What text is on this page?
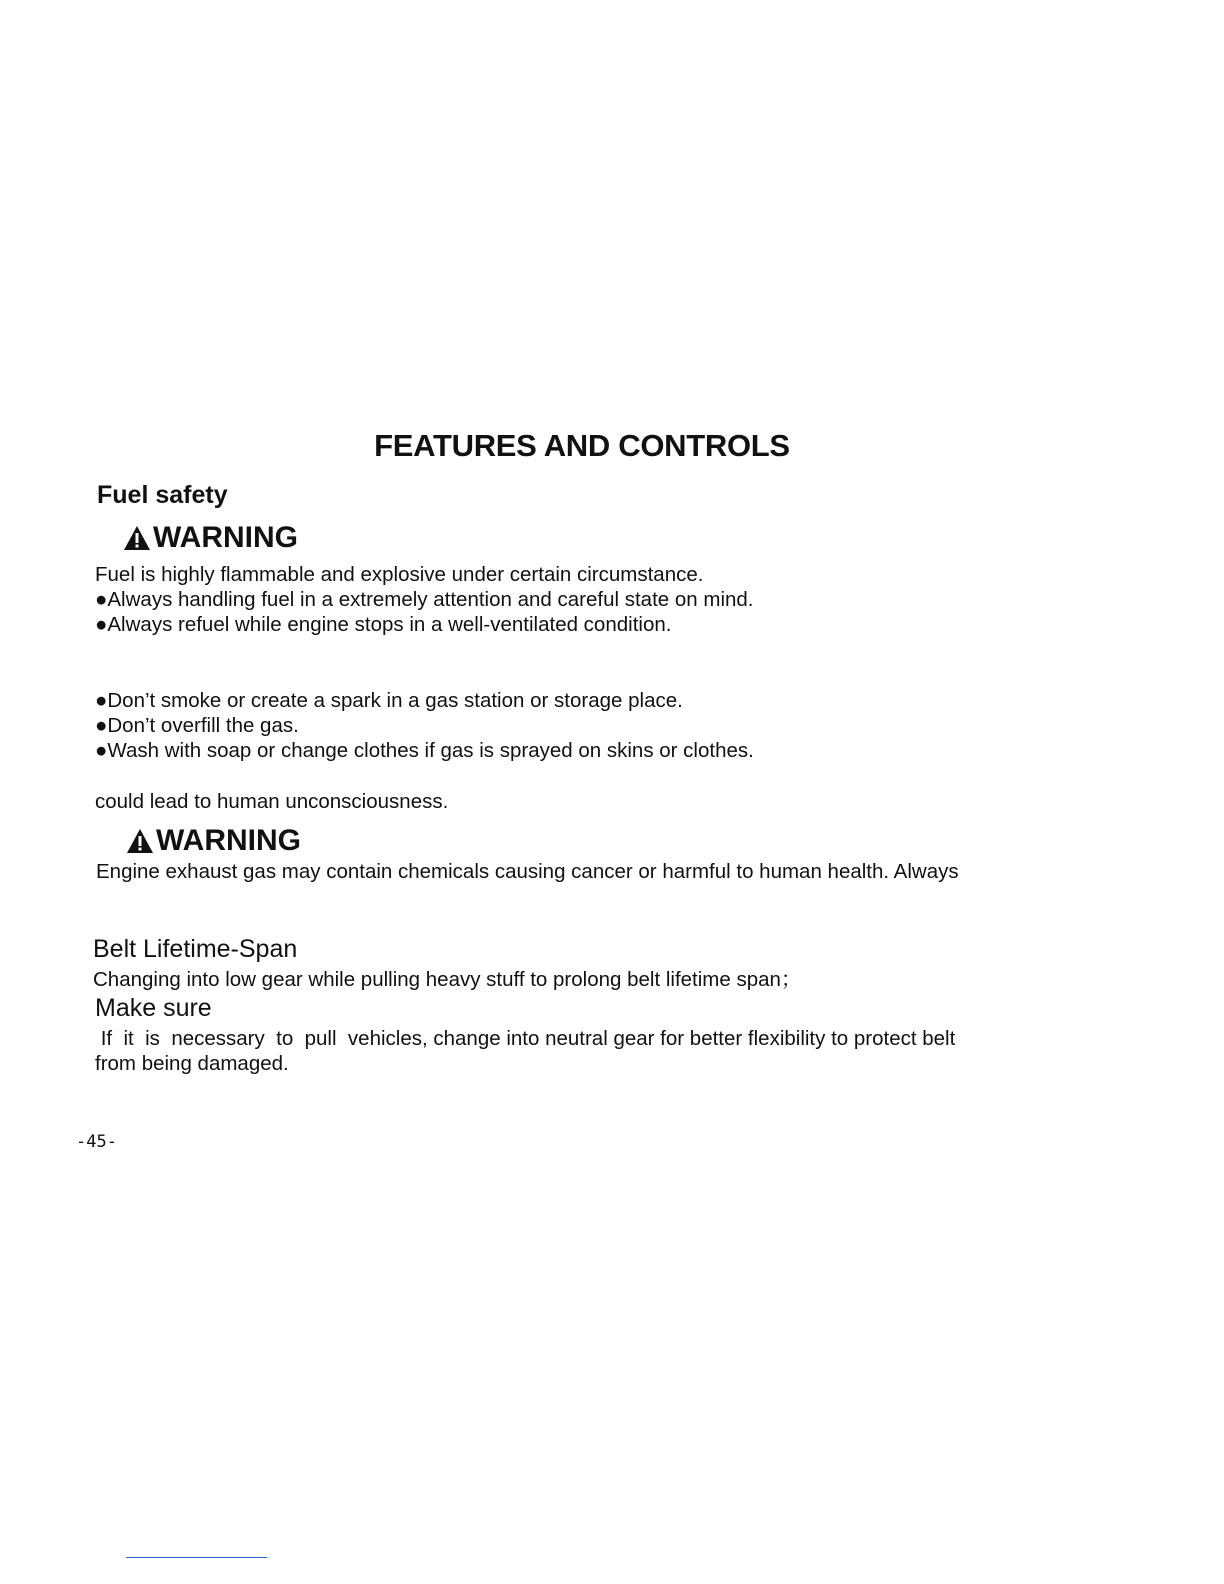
FEATURES AND CONTROLS
Fuel safety
WARNING
Fuel is highly flammable and explosive under certain circumstance.
●Always handling fuel in a extremely attention and careful state on mind.
●Always refuel while engine stops in a well-ventilated condition.
●Don’t smoke or create a spark in a gas station or storage place.
●Don’t overfill the gas.
●Wash with soap or change clothes if gas is sprayed on skins or clothes.
could lead to human unconsciousness.
WARNING
Engine exhaust gas may contain chemicals causing cancer or harmful to human health. Always
Belt Lifetime-Span
Changing into low gear while pulling heavy stuff to prolong belt lifetime span；
Make sure
If  it  is  necessary  to  pull  vehicles, change into neutral gear for better flexibility to protect belt
from being damaged.
-45-
